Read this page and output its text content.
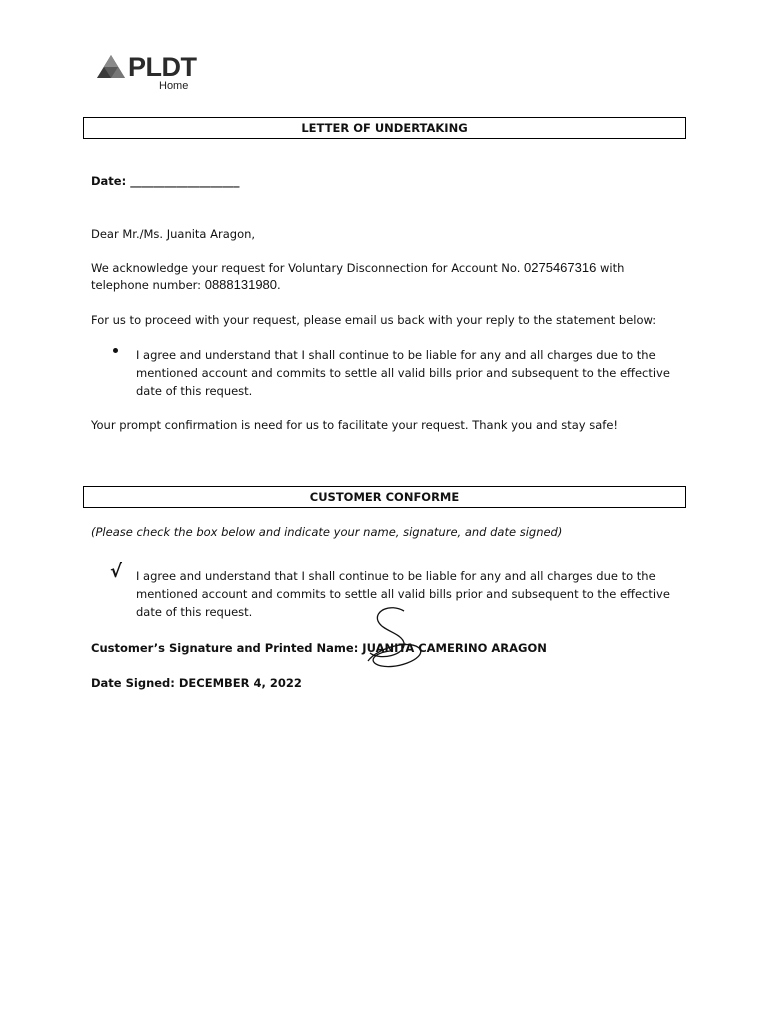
PLDT
Home
LETTER OF UNDERTAKING
Date: ___________________
Dear Mr./Ms. Juanita Aragon,
We acknowledge your request for Voluntary Disconnection for Account No. 0275467316 with
telephone number: 0888131980.
For us to proceed with your request, please email us back with your reply to the statement below:
I agree and understand that I shall continue to be liable for any and all charges due to the mentioned account and commits to settle all valid bills prior and subsequent to the effective date of this request.
Your prompt confirmation is need for us to facilitate your request. Thank you and stay safe!
CUSTOMER CONFORME
(Please check the box below and indicate your name, signature, and date signed)
√ I agree and understand that I shall continue to be liable for any and all charges due to the mentioned account and commits to settle all valid bills prior and subsequent to the effective date of this request.
Customer’s Signature and Printed Name: JUANITA CAMERINO ARAGON
Date Signed: DECEMBER 4, 2022
